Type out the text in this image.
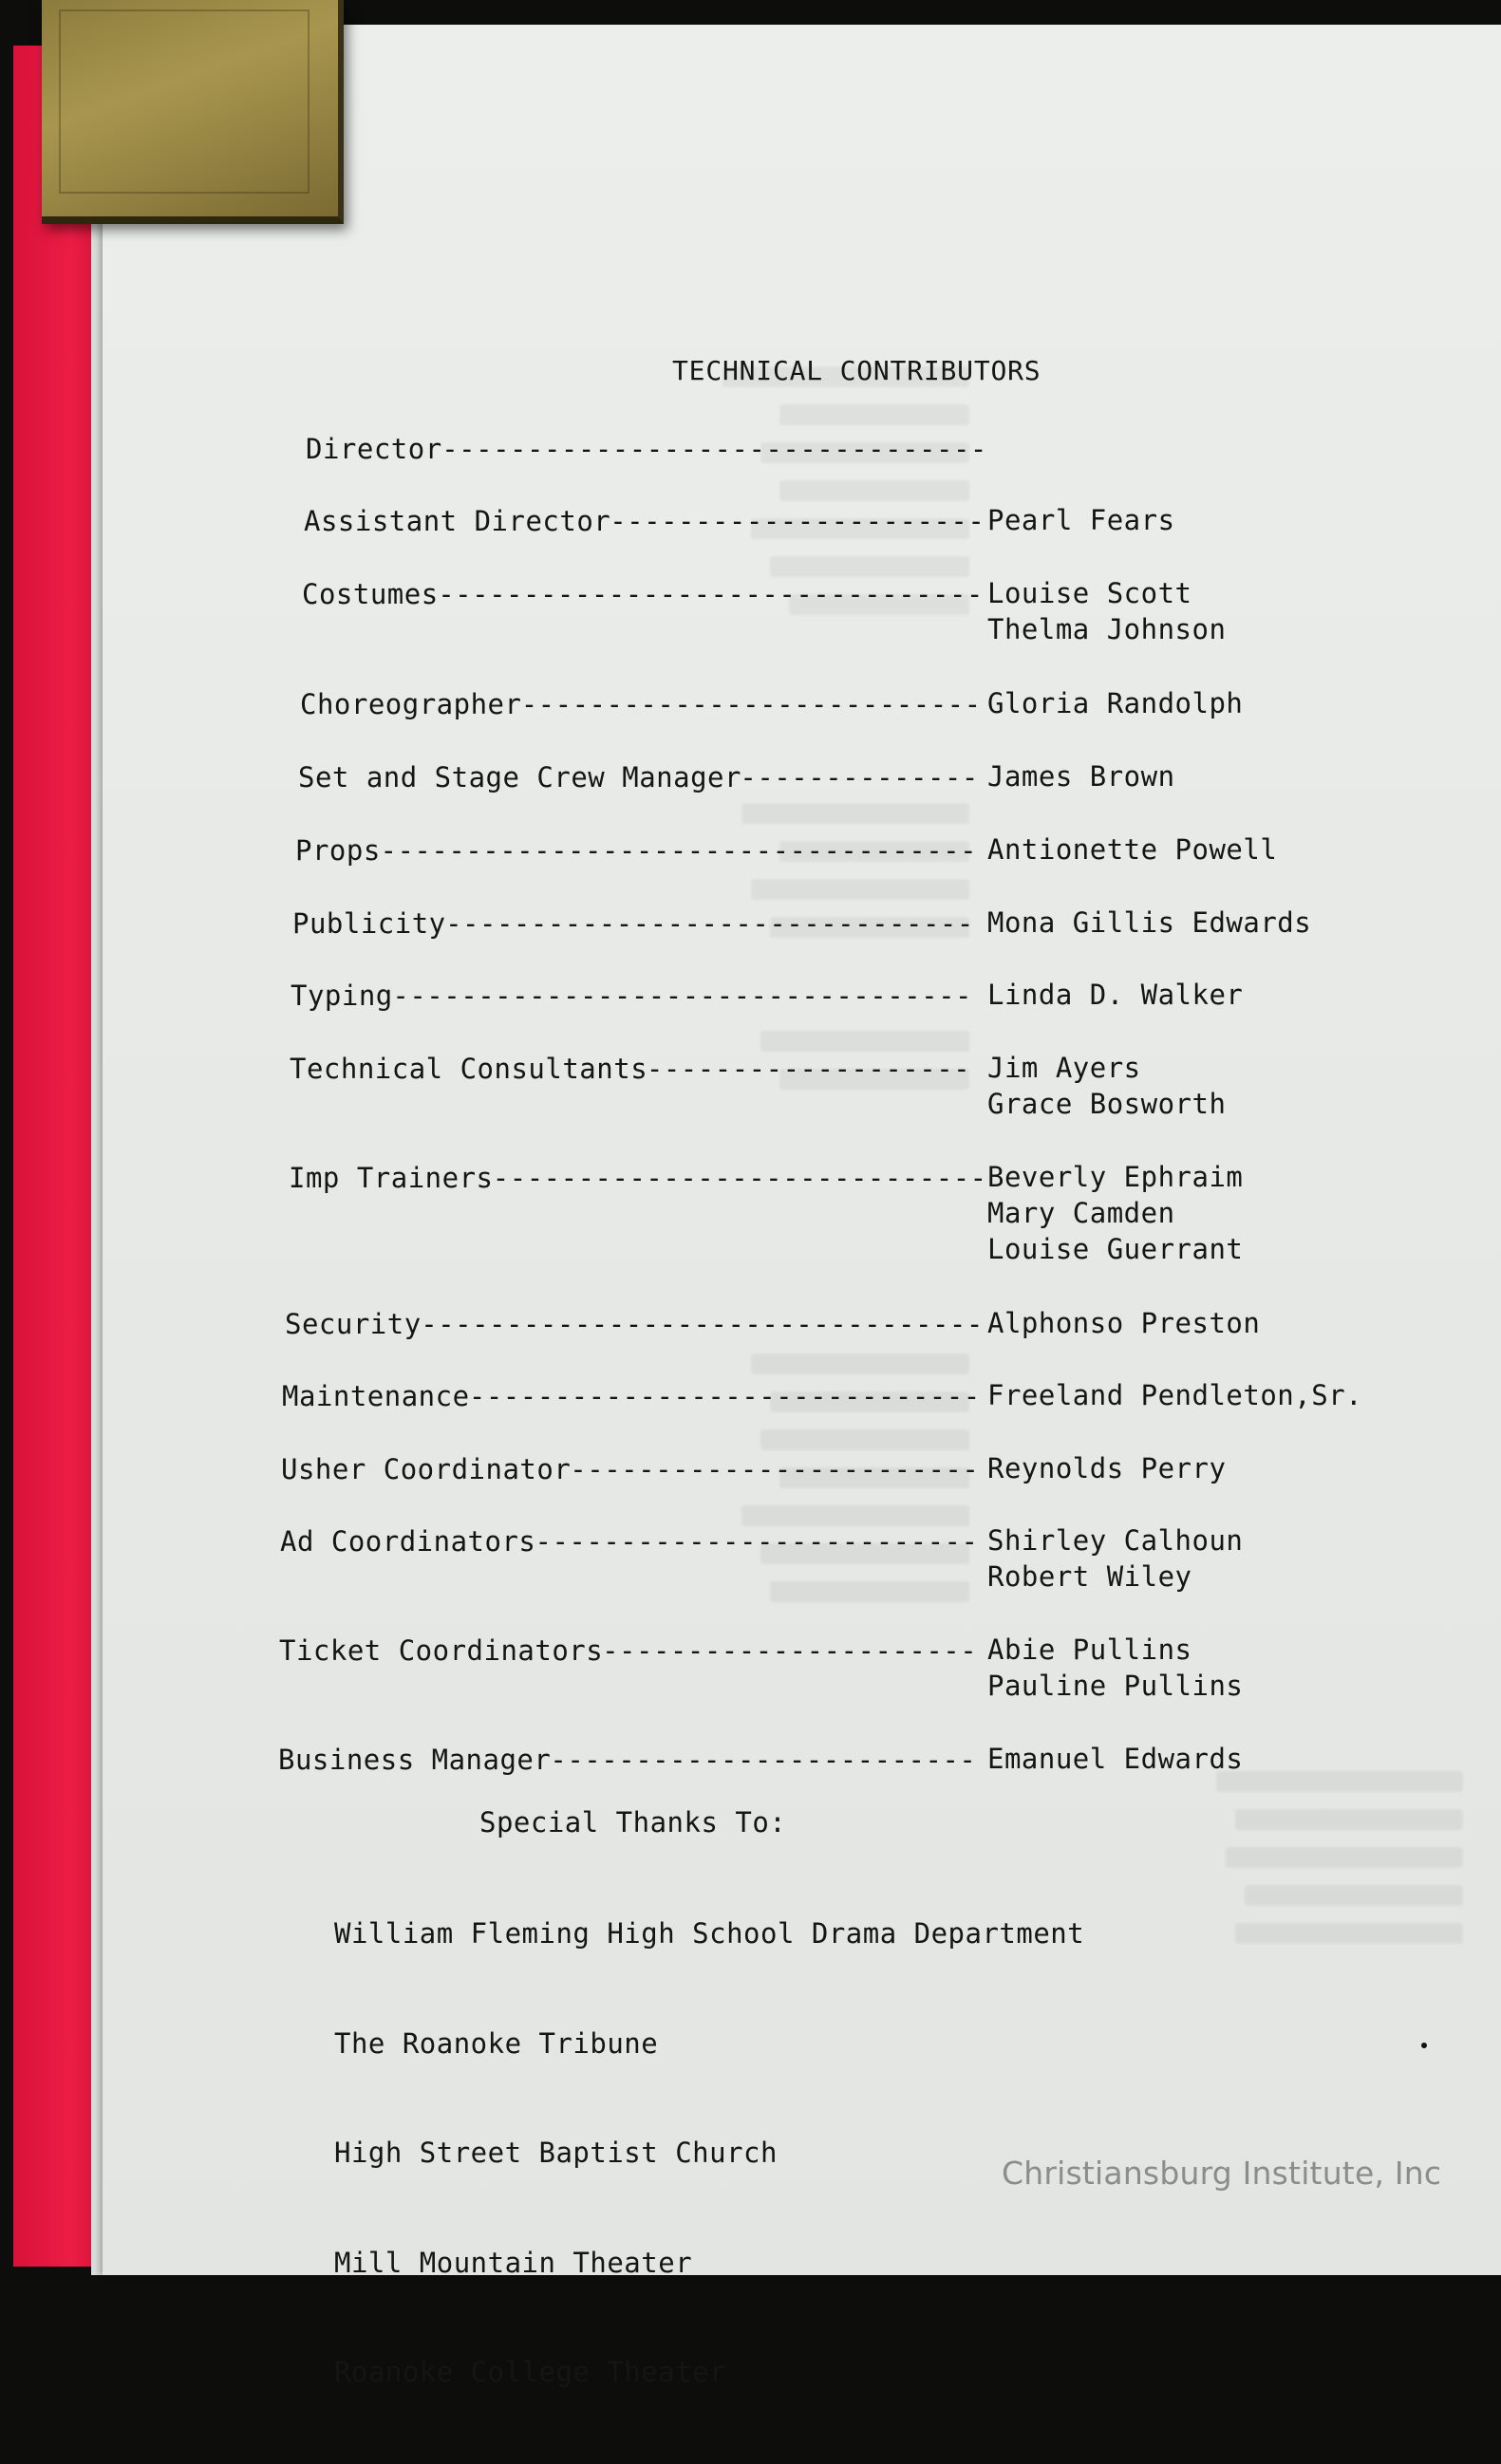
TECHNICAL CONTRIBUTORS
Director --------------------------------
Assistant Director
---------------------- Pearl Fears
Costumes -------------------------------- Louise Scott
Thelma Johnson
Choreographer --------------------------- Gloria Randolph
Set and Stage Crew Manager
-------------- James Brown
Props ----------------------------------- Antionette Powell
Publicity ------------------------------- Mona Gillis Edwards
Typing ---------------------------------- Linda D. Walker
Technical Consultants
------------------- Jim Ayers
Grace Bosworth
Imp Trainers ----------------------------- Beverly Ephraim
Mary Camden
Louise Guerrant
Security --------------------------------- Alphonso Preston
Maintenance ------------------------------ Freeland Pendleton,Sr.
Usher Coordinator
------------------------ Reynolds Perry
Ad Coordinators -------------------------- Shirley Calhoun
Robert Wiley
Ticket Coordinators
---------------------- Abie Pullins
Pauline Pullins
Business Manager ------------------------- Emanuel Edwards
Special Thanks To:

William Fleming High School Drama Department

The Roanoke Tribune

High Street Baptist Church

Mill Mountain Theater

Roanoke College Theater

Christiansburg Institute, Inc
